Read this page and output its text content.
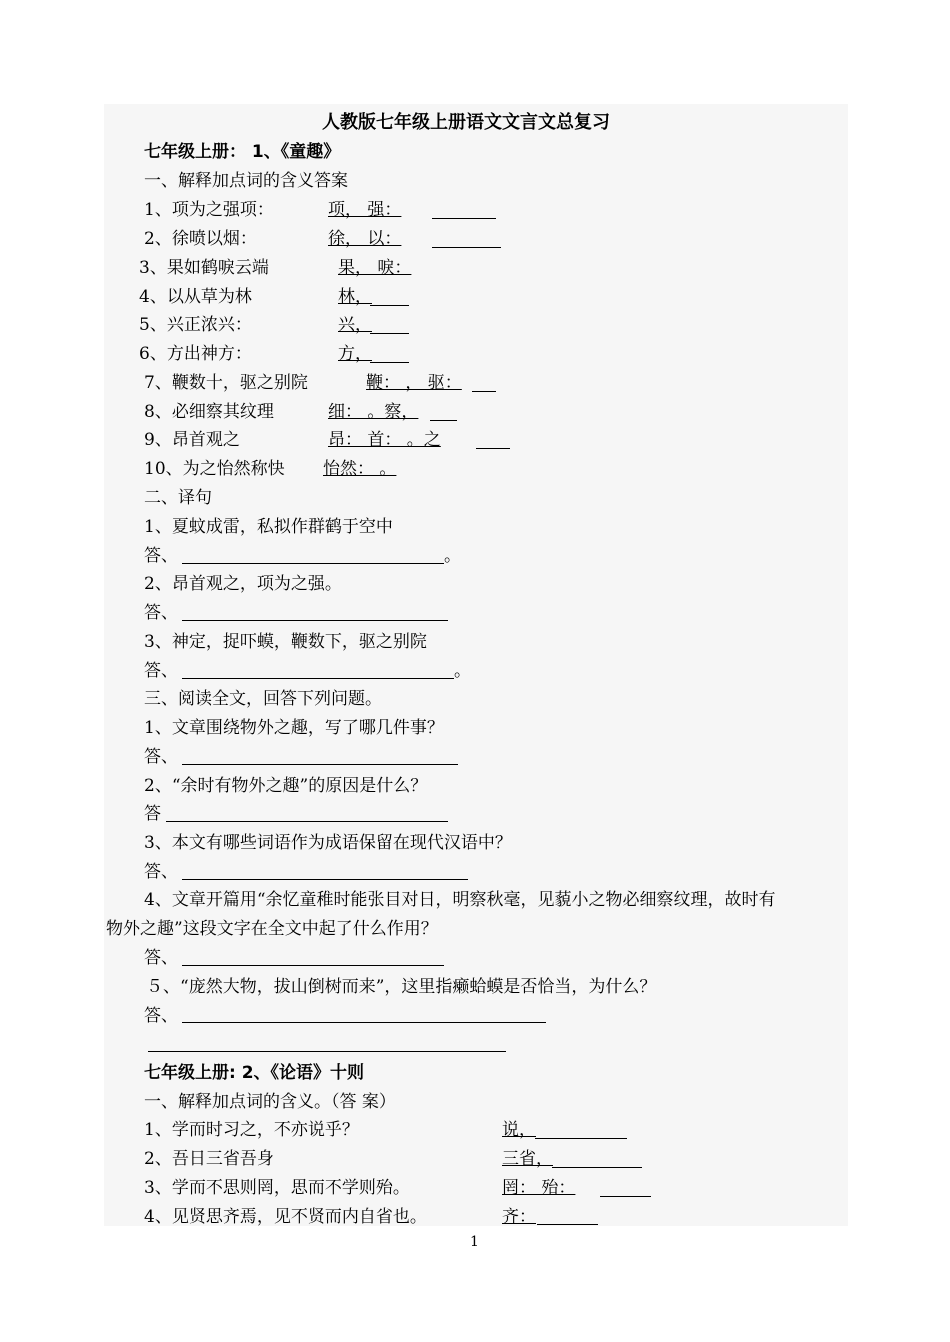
人教版七年级上册语文文言文总复习
七年级上册： 1、《童趣》
一、解释加点词的含义答案
1、项为之强项：	项， 强：
2、徐喷以烟：	徐， 以：
3、果如鹤唳云端	果， 唳：
4、以从草为林	林，
5、兴正浓兴：	兴，
6、方出神方：	方，
7、鞭数十，驱之别院	鞭： ， 驱：
8、必细察其纹理	细： 。察，
9、昂首观之	昂： 首： 。之
10、为之怡然称快 怡然： 。
二、译句
1、夏蚊成雷，私拟作群鹤于空中
答、	。
2、昂首观之，项为之强。
答、
3、神定，捉吓蟆，鞭数下，驱之别院
答、	。
三、阅读全文，回答下列问题。
1、文章围绕物外之趣，写了哪几件事？
答、
2、“余时有物外之趣”的原因是什么？
答
3、本文有哪些词语作为成语保留在现代汉语中？
答、
4、文章开篇用“余忆童稚时能张目对日，明察秋毫，见藐小之物必细察纹理，故时有
物外之趣”这段文字在全文中起了什么作用？
答、
５、“庞然大物，拔山倒树而来”，这里指癞蛤蟆是否恰当，为什么？
答、
七年级上册: 2、《论语》十则
一、解释加点词的含义。（答 案）
1、学而时习之，不亦说乎？	说，
2、吾日三省吾身	三省，
3、学而不思则罔，思而不学则殆。	罔： 殆：
4、见贤思齐焉，见不贤而内自省也。	齐：
1
